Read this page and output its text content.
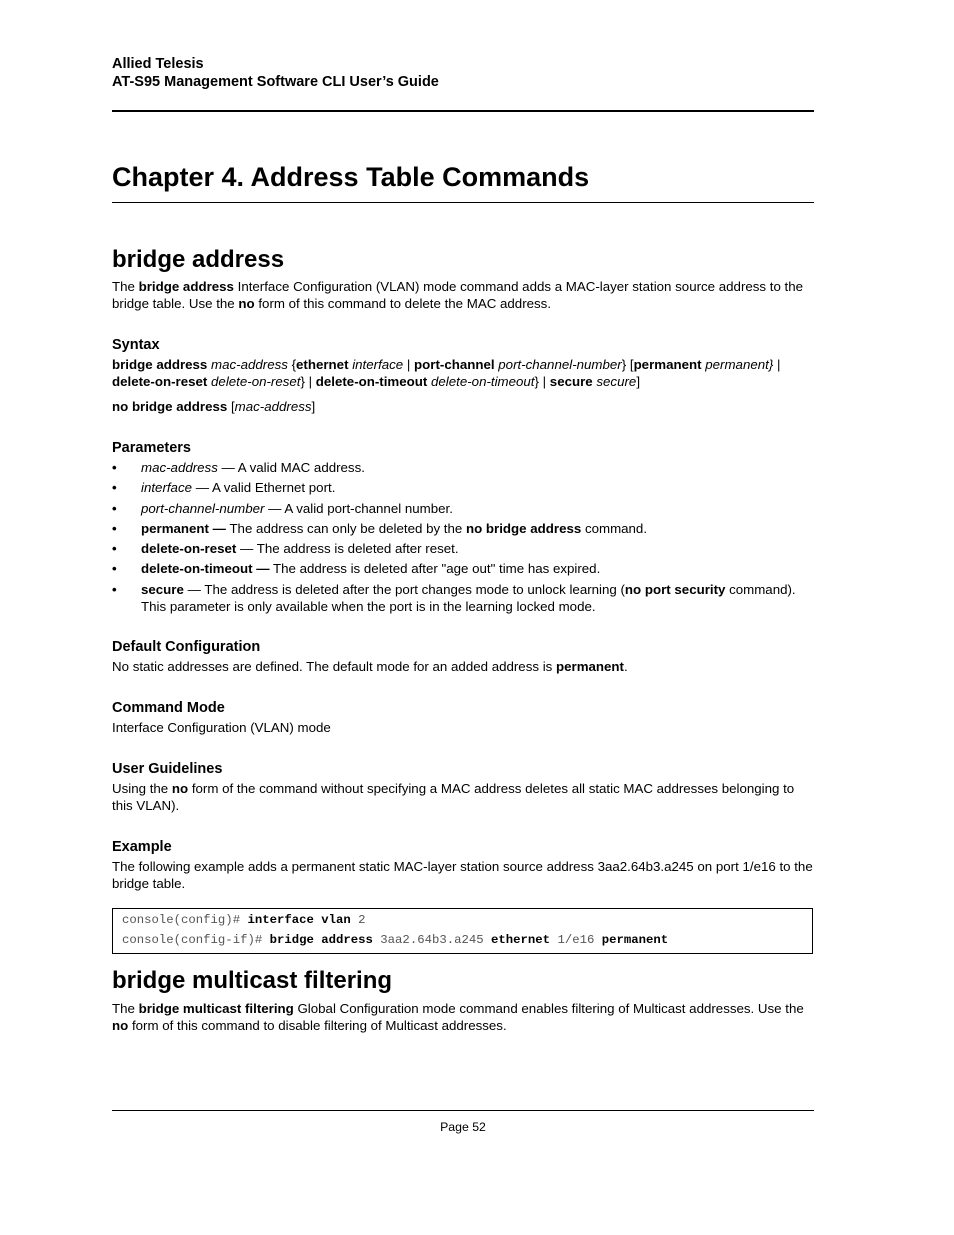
Allied Telesis
AT-S95 Management Software CLI User’s Guide
Chapter 4. Address Table Commands
bridge address

The bridge address Interface Configuration (VLAN) mode command adds a MAC-layer station source address to the bridge table. Use the no form of this command to delete the MAC address.

Syntax

bridge address mac-address {ethernet interface | port-channel port-channel-number} [permanent permanent} |

delete-on-reset delete-on-reset} | delete-on-timeout delete-on-timeout} | secure secure]

no bridge address [mac-address]

Parameters
• mac-address — A valid MAC address.
• interface — A valid Ethernet port.
• port-channel-number — A valid port-channel number.
• permanent — The address can only be deleted by the no bridge address command.
• delete-on-reset — The address is deleted after reset.
• delete-on-timeout — The address is deleted after "age out" time has expired.
• secure — The address is deleted after the port changes mode to unlock learning (no port security command). This parameter is only available when the port is in the learning locked mode.
Default Configuration

No static addresses are defined. The default mode for an added address is permanent.

Command Mode

Interface Configuration (VLAN) mode

User Guidelines

Using the no form of the command without specifying a MAC address deletes all static MAC addresses belonging to this VLAN).

Example

The following example adds a permanent static MAC-layer station source address 3aa2.64b3.a245 on port 1/e16 to the bridge table.

console(config)# interface vlan 2
console(config-if)# bridge address 3aa2.64b3.a245 ethernet 1/e16 permanent
bridge multicast filtering

The bridge multicast filtering Global Configuration mode command enables filtering of Multicast addresses. Use the no form of this command to disable filtering of Multicast addresses.

Page 52
